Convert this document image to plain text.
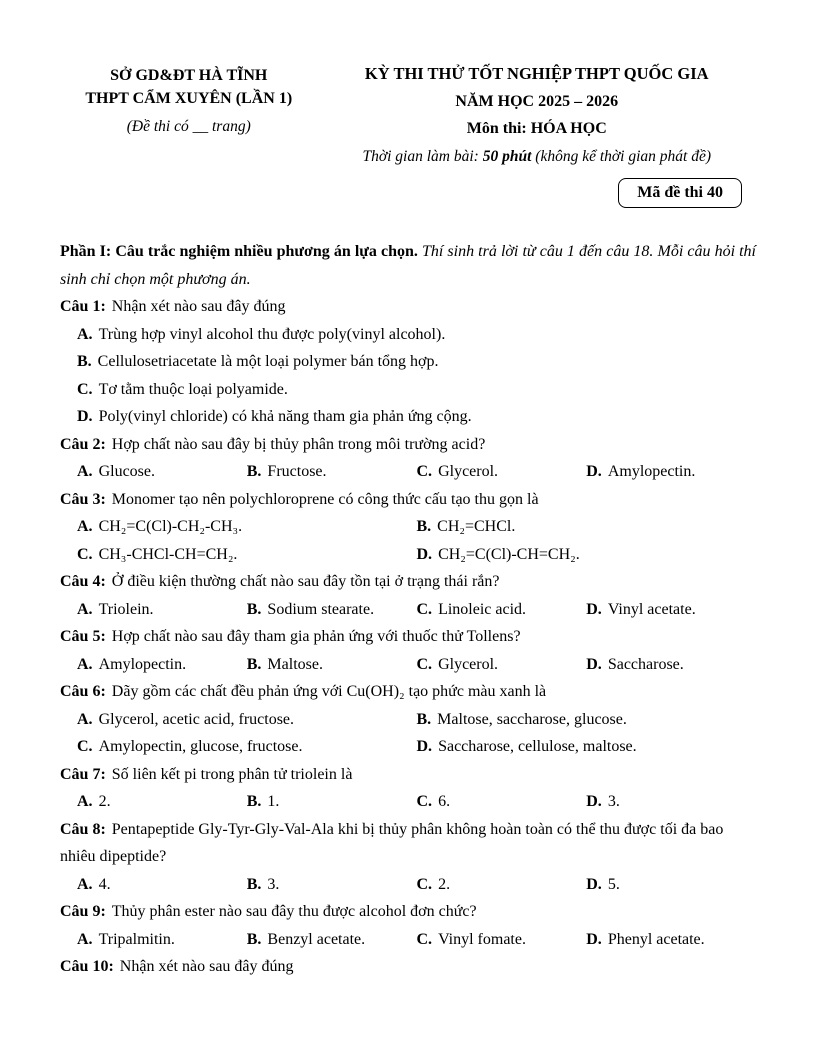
SỞ GD&ĐT HÀ TĨNH
THPT CẨM XUYÊN (LẦN 1)
(Đề thi có __ trang)
KỲ THI THỬ TỐT NGHIỆP THPT QUỐC GIA
NĂM HỌC 2025 – 2026
Môn thi: HÓA HỌC
Thời gian làm bài: 50 phút (không kể thời gian phát đề)
Mã đề thi 40
Phần I: Câu trắc nghiệm nhiều phương án lựa chọn. Thí sinh trả lời từ câu 1 đến câu 18. Mỗi câu hỏi thí sinh chỉ chọn một phương án.
Câu 1: Nhận xét nào sau đây đúng
A. Trùng hợp vinyl alcohol thu được poly(vinyl alcohol).
B. Cellulosetriacetate là một loại polymer bán tổng hợp.
C. Tơ tằm thuộc loại polyamide.
D. Poly(vinyl chloride) có khả năng tham gia phản ứng cộng.
Câu 2: Hợp chất nào sau đây bị thủy phân trong môi trường acid?
A. Glucose.	B. Fructose.	C. Glycerol.	D. Amylopectin.
Câu 3: Monomer tạo nên polychloroprene có công thức cấu tạo thu gọn là
A. CH₂=C(Cl)-CH₂-CH₃.	B. CH₂=CHCl.
C. CH₃-CHCl-CH=CH₂.	D. CH₂=C(Cl)-CH=CH₂.
Câu 4: Ở điều kiện thường chất nào sau đây tồn tại ở trạng thái rắn?
A. Triolein.	B. Sodium stearate.	C. Linoleic acid.	D. Vinyl acetate.
Câu 5: Hợp chất nào sau đây tham gia phản ứng với thuốc thử Tollens?
A. Amylopectin.	B. Maltose.	C. Glycerol.	D. Saccharose.
Câu 6: Dãy gồm các chất đều phản ứng với Cu(OH)₂ tạo phức màu xanh là
A. Glycerol, acetic acid, fructose.	B. Maltose, saccharose, glucose.
C. Amylopectin, glucose, fructose.	D. Saccharose, cellulose, maltose.
Câu 7: Số liên kết pi trong phân tử triolein là
A. 2.	B. 1.	C. 6.	D. 3.
Câu 8: Pentapeptide Gly-Tyr-Gly-Val-Ala khi bị thủy phân không hoàn toàn có thể thu được tối đa bao nhiêu dipeptide?
A. 4.	B. 3.	C. 2.	D. 5.
Câu 9: Thủy phân ester nào sau đây thu được alcohol đơn chức?
A. Tripalmitin.	B. Benzyl acetate.	C. Vinyl fomate.	D. Phenyl acetate.
Câu 10: Nhận xét nào sau đây đúng
